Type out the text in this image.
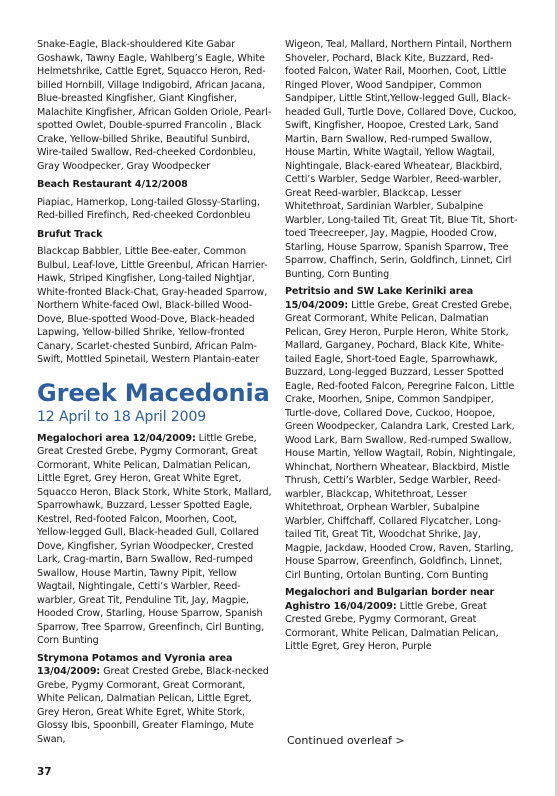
Snake-Eagle, Black-shouldered Kite Gabar Goshawk, Tawny Eagle, Wahlberg’s Eagle, White Helmetshrike, Cattle Egret, Squacco Heron, Red-billed Hornbill, Village Indigobird, African Jacana, Blue-breasted Kingfisher, Giant Kingfisher, Malachite Kingfisher, African Golden Oriole, Pearl-spotted Owlet, Double-spurred Francolin , Black Crake, Yellow-billed Shrike, Beautiful Sunbird, Wire-tailed Swallow, Red-cheeked Cordonbleu, Gray Woodpecker, Gray Woodpecker

Beach Restaurant 4/12/2008

Piapiac, Hamerkop, Long-tailed Glossy-Starling, Red-billed Firefinch, Red-cheeked Cordonbleu

Brufut Track

Blackcap Babbler, Little Bee-eater, Common Bulbul, Leaf-love, Little Greenbul, African Harrier-Hawk, Striped Kingfisher, Long-tailed Nightjar, White-fronted Black-Chat, Gray-headed Sparrow, Northern White-faced Owl, Black-billed Wood-Dove, Blue-spotted Wood-Dove, Black-headed Lapwing, Yellow-billed Shrike, Yellow-fronted Canary, Scarlet-chested Sunbird, African Palm-Swift, Mottled Spinetail, Western Plantain-eater

Greek Macedonia
12 April to 18 April 2009

Megalochori area 12/04/2009: Little Grebe, Great Crested Grebe, Pygmy Cormorant, Great Cormorant, White Pelican, Dalmatian Pelican, Little Egret, Grey Heron, Great White Egret, Squacco Heron, Black Stork, White Stork, Mallard, Sparrowhawk, Buzzard, Lesser Spotted Eagle, Kestrel, Red-footed Falcon, Moorhen, Coot, Yellow-legged Gull, Black-headed Gull, Collared Dove, Kingfisher, Syrian Woodpecker, Crested Lark, Crag-martin, Barn Swallow, Red-rumped Swallow, House Martin, Tawny Pipit, Yellow Wagtail, Nightingale, Cetti’s Warbler, Reed-warbler, Great Tit, Penduline Tit, Jay, Magpie, Hooded Crow, Starling, House Sparrow, Spanish Sparrow, Tree Sparrow, Greenfinch, Cirl Bunting, Corn Bunting

Strymona Potamos and Vyronia area 13/04/2009: Great Crested Grebe, Black-necked Grebe, Pygmy Cormorant, Great Cormorant, White Pelican, Dalmatian Pelican, Little Egret, Grey Heron, Great White Egret, White Stork, Glossy Ibis, Spoonbill, Greater Flamingo, Mute Swan,

Wigeon, Teal, Mallard, Northern Pintail, Northern Shoveler, Pochard, Black Kite, Buzzard, Red-footed Falcon, Water Rail, Moorhen, Coot, Little Ringed Plover, Wood Sandpiper, Common Sandpiper, Little Stint,Yellow-legged Gull, Black-headed Gull, Turtle Dove, Collared Dove, Cuckoo, Swift, Kingfisher, Hoopoe, Crested Lark, Sand Martin, Barn Swallow, Red-rumped Swallow, House Martin, White Wagtail, Yellow Wagtail, Nightingale, Black-eared Wheatear, Blackbird, Cetti’s Warbler, Sedge Warbler, Reed-warbler, Great Reed-warbler, Blackcap, Lesser Whitethroat, Sardinian Warbler, Subalpine Warbler, Long-tailed Tit, Great Tit, Blue Tit, Short-toed Treecreeper, Jay, Magpie, Hooded Crow, Starling, House Sparrow, Spanish Sparrow, Tree Sparrow, Chaffinch, Serin, Goldfinch, Linnet, Cirl Bunting, Corn Bunting

Petritsio and SW Lake Keriniki area 15/04/2009: Little Grebe, Great Crested Grebe, Great Cormorant, White Pelican, Dalmatian Pelican, Grey Heron, Purple Heron, White Stork, Mallard, Garganey, Pochard, Black Kite, White-tailed Eagle, Short-toed Eagle, Sparrowhawk, Buzzard, Long-legged Buzzard, Lesser Spotted Eagle, Red-footed Falcon, Peregrine Falcon, Little Crake, Moorhen, Snipe, Common Sandpiper, Turtle-dove, Collared Dove, Cuckoo, Hoopoe, Green Woodpecker, Calandra Lark, Crested Lark, Wood Lark, Barn Swallow, Red-rumped Swallow, House Martin, Yellow Wagtail, Robin, Nightingale, Whinchat, Northern Wheatear, Blackbird, Mistle Thrush, Cetti’s Warbler, Sedge Warbler, Reed-warbler, Blackcap, Whitethroat, Lesser Whitethroat, Orphean Warbler, Subalpine Warbler, Chiffchaff, Collared Flycatcher, Long-tailed Tit, Great Tit, Woodchat Shrike, Jay, Magpie, Jackdaw, Hooded Crow, Raven, Starling, House Sparrow, Greenfinch, Goldfinch, Linnet, Cirl Bunting, Ortolan Bunting, Corn Bunting

Megalochori and Bulgarian border near Aghistro 16/04/2009: Little Grebe, Great Crested Grebe, Pygmy Cormorant, Great Cormorant, White Pelican, Dalmatian Pelican, Little Egret, Grey Heron, Purple

Continued overleaf >
37
